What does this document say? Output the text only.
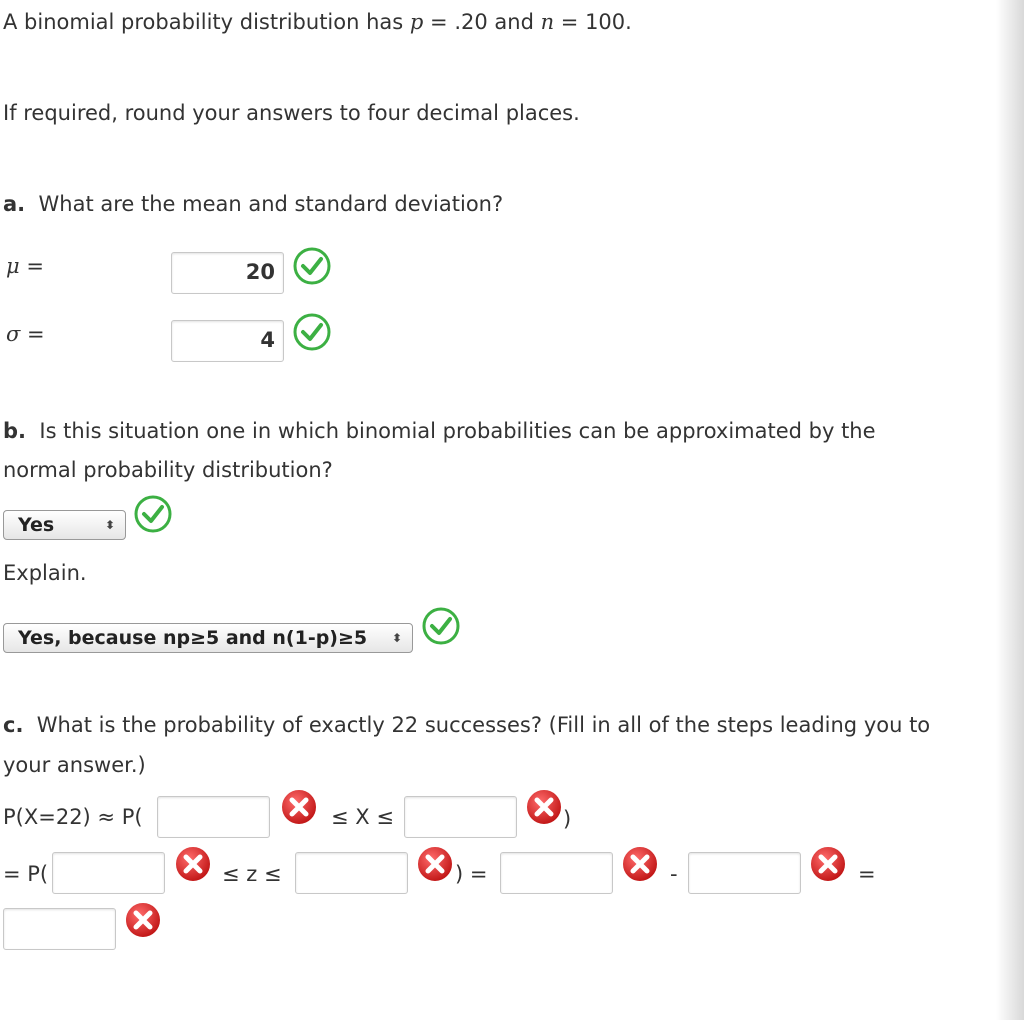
A binomial probability distribution has p = .20 and n = 100.
If required, round your answers to four decimal places.
a. What are the mean and standard deviation?
μ =	20
σ =	4
b. Is this situation one in which binomial probabilities can be approximated by the
normal probability distribution?
Yes	⬍
Explain.
Yes, because np≥5 and n(1-p)≥5 ⬍
c. What is the probability of exactly 22 successes? (Fill in all of the steps leading you to
your answer.)
P(X=22) ≈ P(	≤ X ≤	)
= P(	≤ z ≤	) =	-	=
